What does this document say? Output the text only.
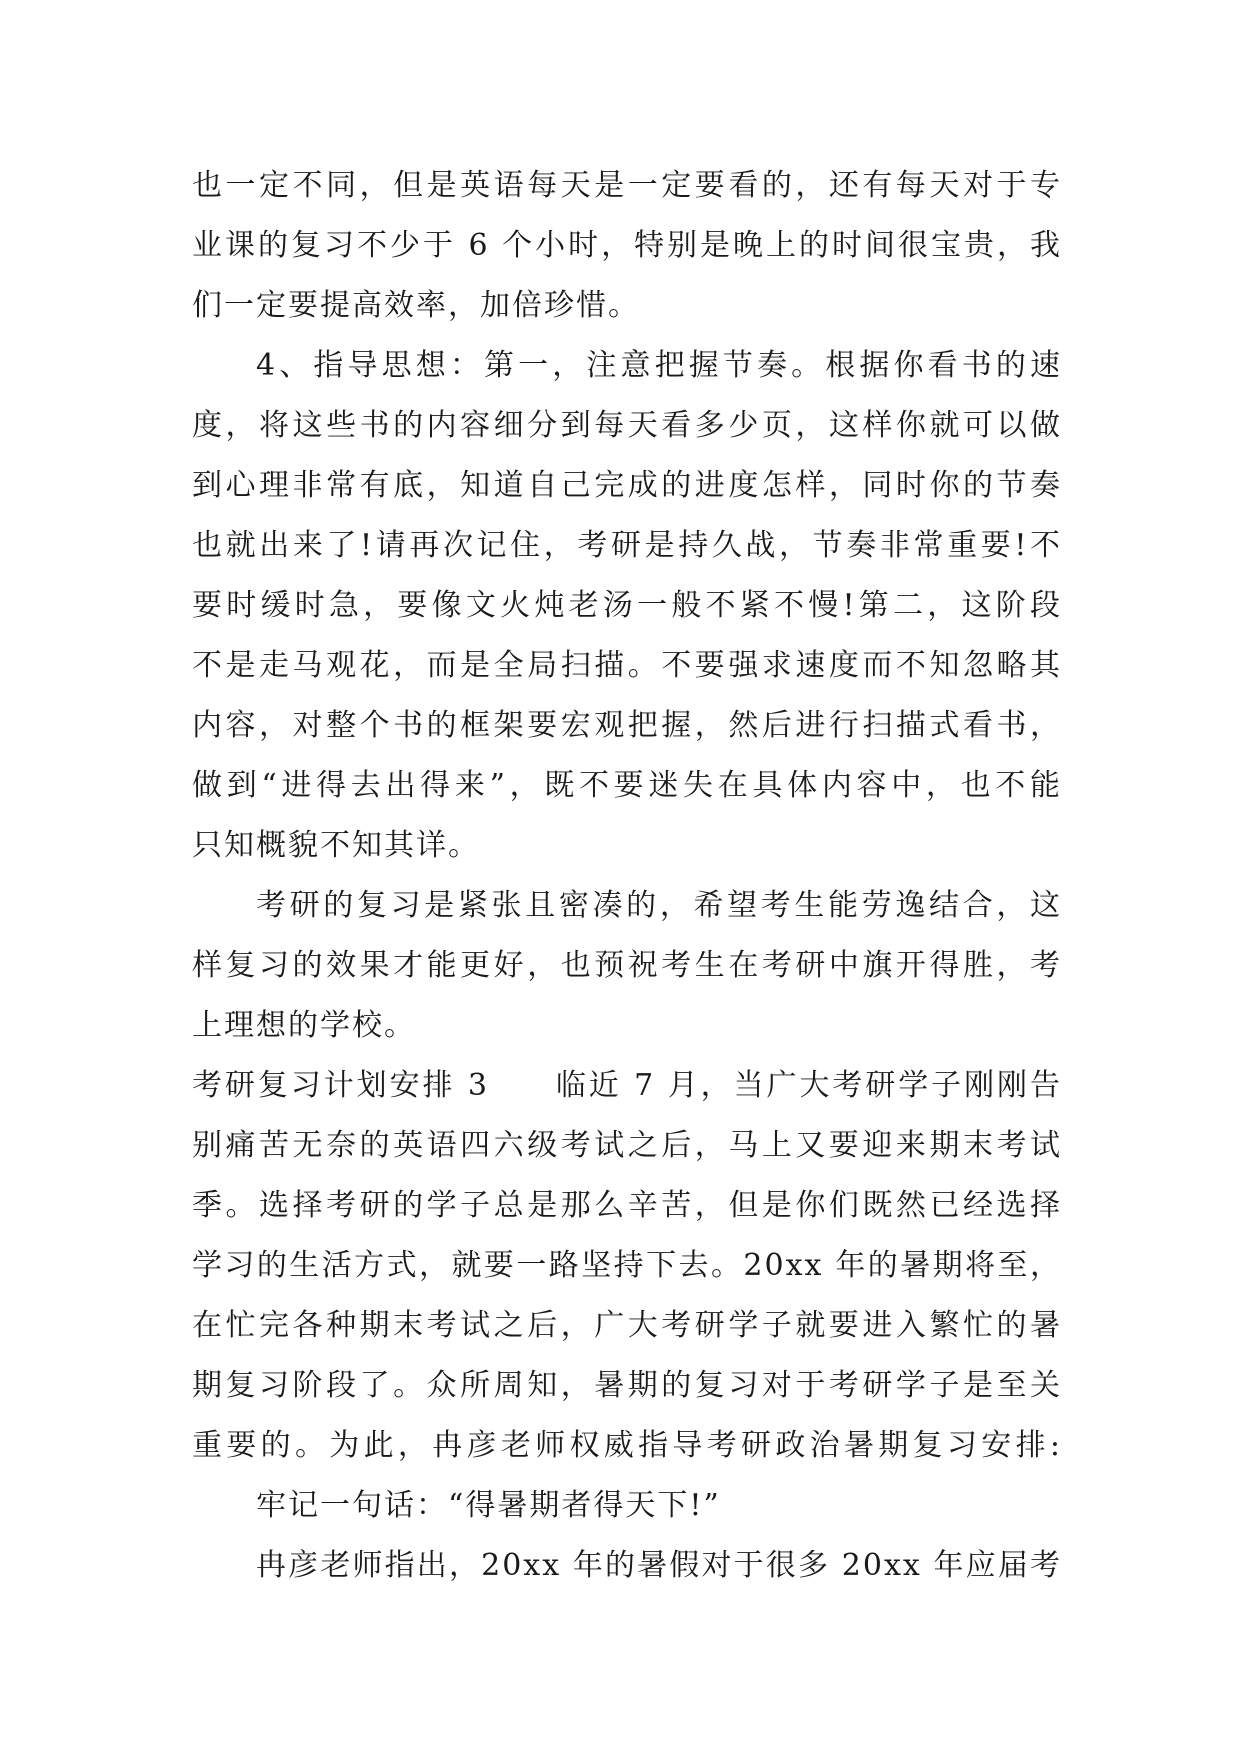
也一定不同，但是英语每天是一定要看的，还有每天对于专
业课的复习不少于 6 个小时，特别是晚上的时间很宝贵，我
们一定要提高效率，加倍珍惜。
4、指导思想：第一，注意把握节奏。根据你看书的速
度，将这些书的内容细分到每天看多少页，这样你就可以做
到心理非常有底，知道自己完成的进度怎样，同时你的节奏
也就出来了!请再次记住，考研是持久战，节奏非常重要!不
要时缓时急，要像文火炖老汤一般不紧不慢!第二，这阶段
不是走马观花，而是全局扫描。不要强求速度而不知忽略其
内容，对整个书的框架要宏观把握，然后进行扫描式看书，
做到“进得去出得来”，既不要迷失在具体内容中，也不能
只知概貌不知其详。
考研的复习是紧张且密凑的，希望考生能劳逸结合，这
样复习的效果才能更好，也预祝考生在考研中旗开得胜，考
上理想的学校。
考研复习计划安排 3　　临近 7 月，当广大考研学子刚刚告
别痛苦无奈的英语四六级考试之后，马上又要迎来期末考试
季。选择考研的学子总是那么辛苦，但是你们既然已经选择
学习的生活方式，就要一路坚持下去。20xx 年的暑期将至，
在忙完各种期末考试之后，广大考研学子就要进入繁忙的暑
期复习阶段了。众所周知，暑期的复习对于考研学子是至关
重要的。为此，冉彦老师权威指导考研政治暑期复习安排:
牢记一句话：“得暑期者得天下!”
冉彦老师指出，20xx 年的暑假对于很多 20xx 年应届考
